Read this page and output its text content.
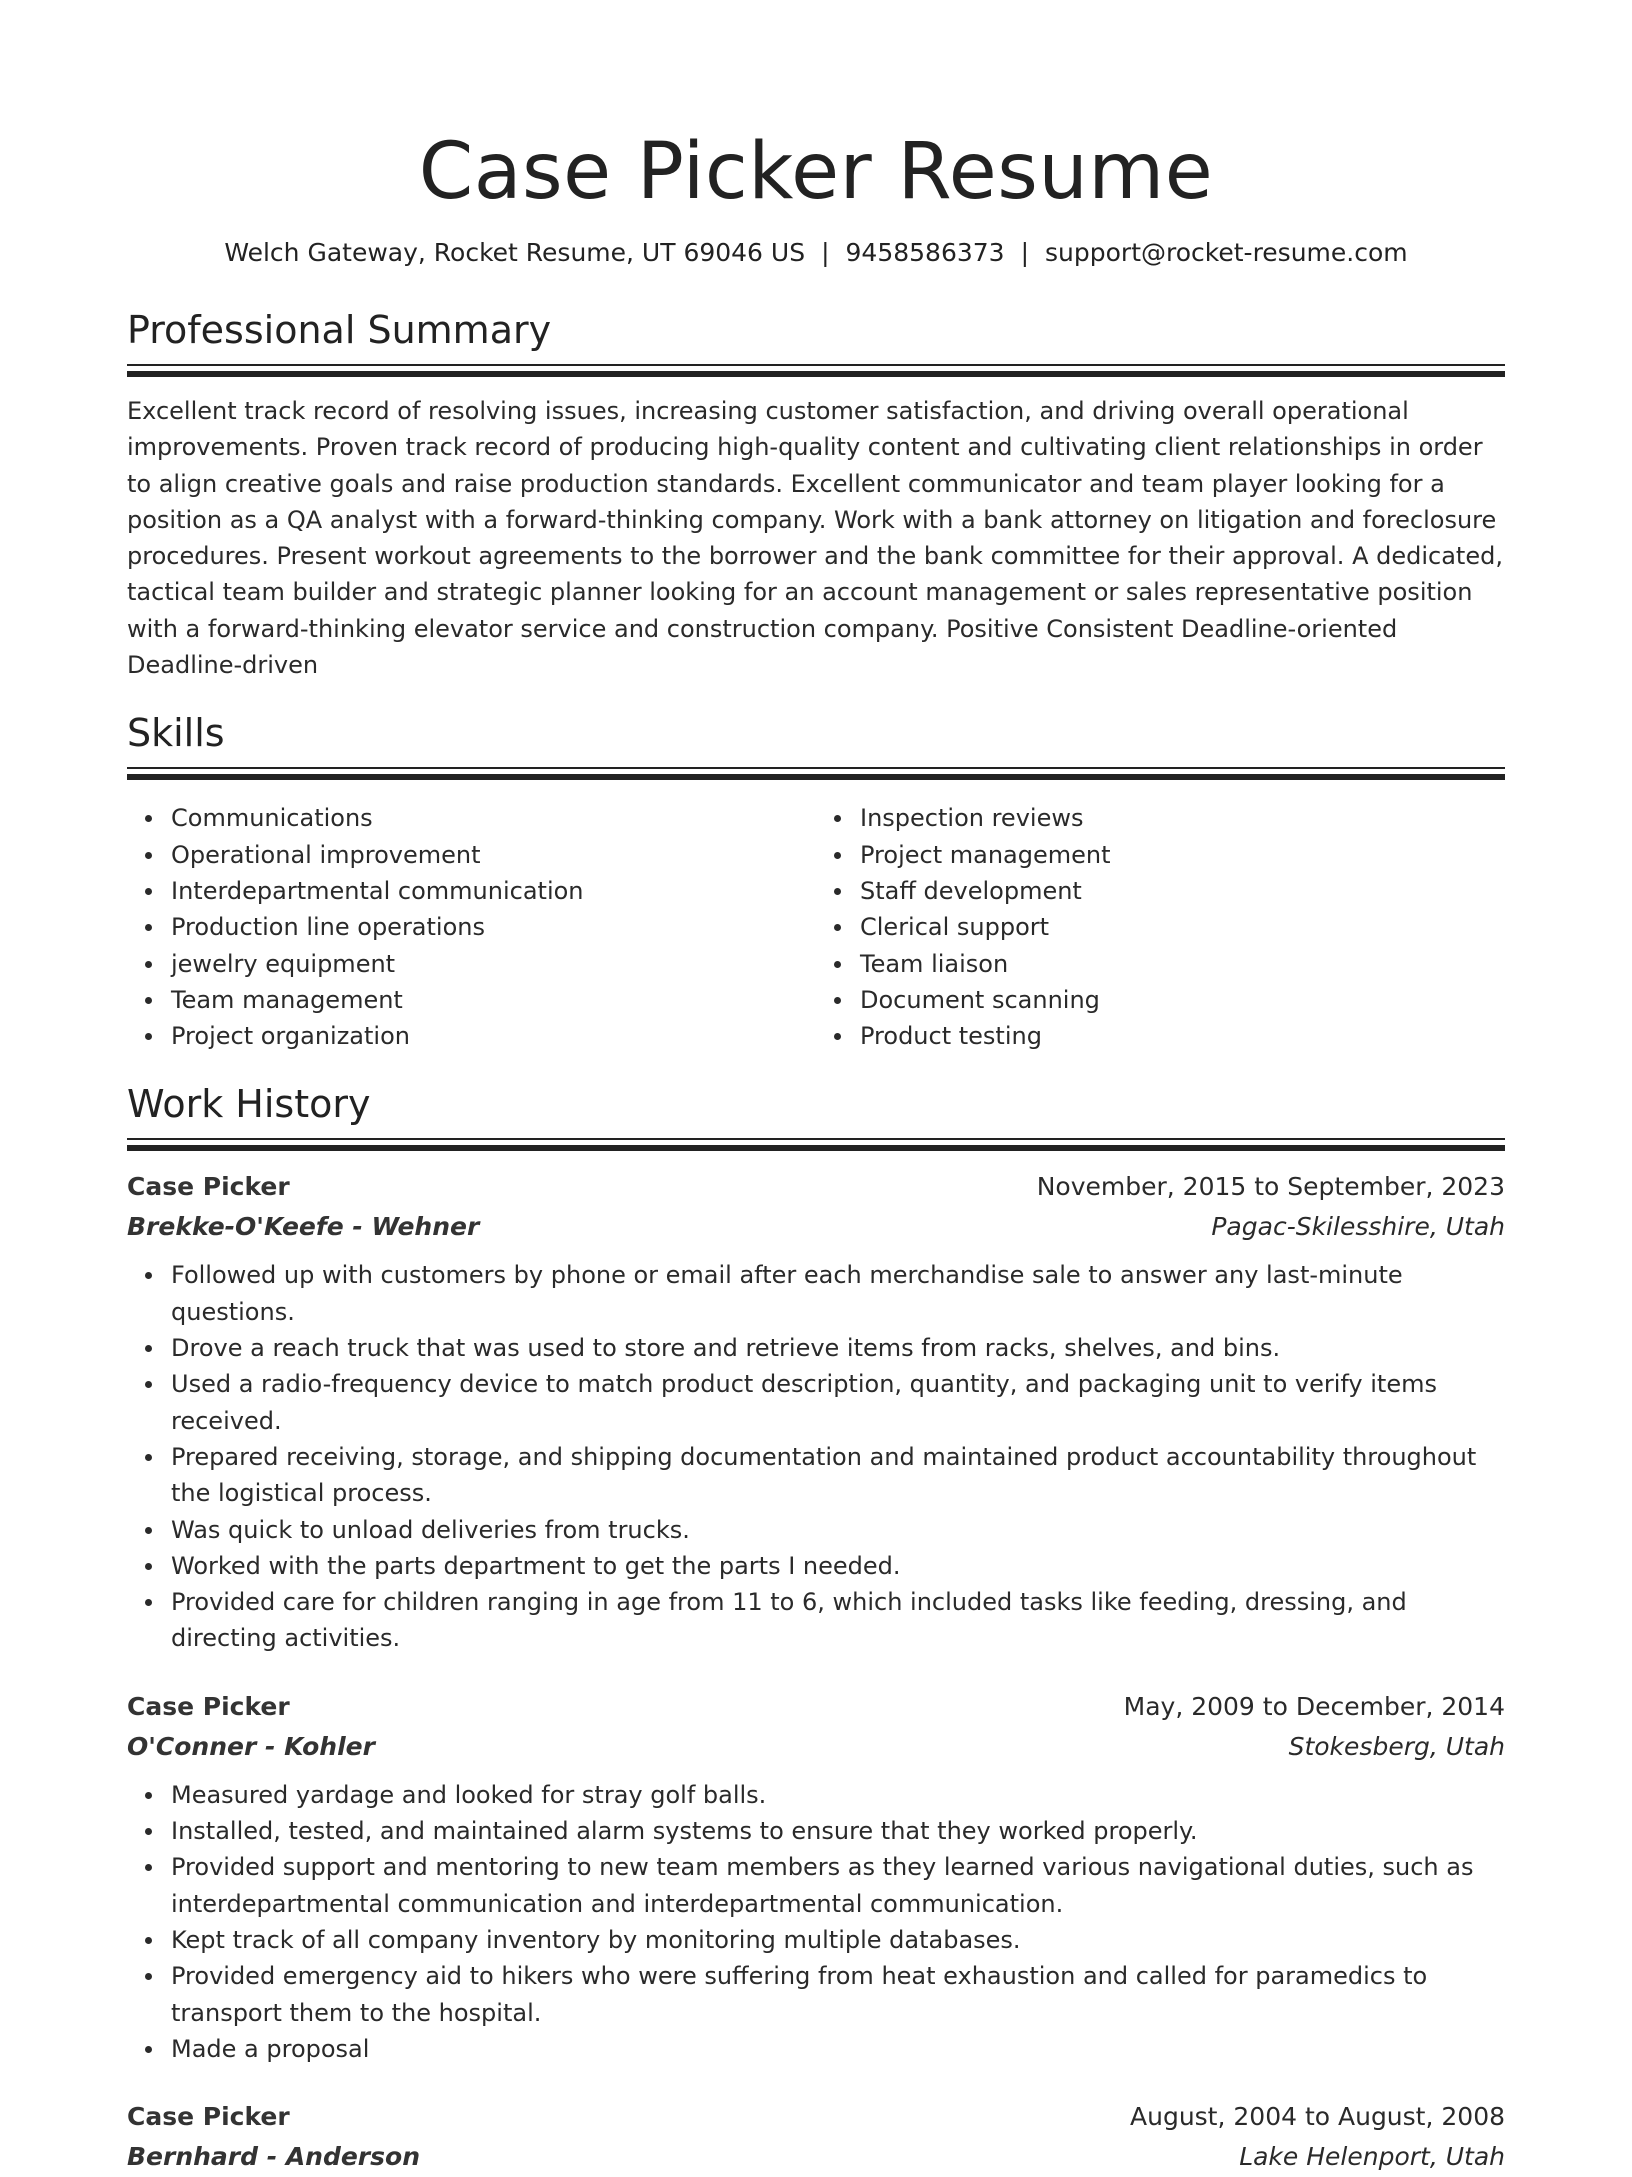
Case Picker Resume
Welch Gateway, Rocket Resume, UT 69046 US | 9458586373 | support@rocket-resume.com
Professional Summary

Excellent track record of resolving issues, increasing customer satisfaction, and driving overall operational improvements. Proven track record of producing high-quality content and cultivating client relationships in order to align creative goals and raise production standards. Excellent communicator and team player looking for a position as a QA analyst with a forward-thinking company. Work with a bank attorney on litigation and foreclosure procedures. Present workout agreements to the borrower and the bank committee for their approval. A dedicated, tactical team builder and strategic planner looking for an account management or sales representative position with a forward-thinking elevator service and construction company. Positive Consistent Deadline-oriented Deadline-driven

Skills
Communications
Operational improvement
Interdepartmental communication
Production line operations
jewelry equipment
Team management
Project organization
Inspection reviews
Project management
Staff development
Clerical support
Team liaison
Document scanning
Product testing
Work History
Case Picker	November, 2015 to September, 2023
Brekke-O'Keefe - Wehner	Pagac-Skilesshire, Utah
Followed up with customers by phone or email after each merchandise sale to answer any last-minute questions.
Drove a reach truck that was used to store and retrieve items from racks, shelves, and bins.
Used a radio-frequency device to match product description, quantity, and packaging unit to verify items received.
Prepared receiving, storage, and shipping documentation and maintained product accountability throughout the logistical process.
Was quick to unload deliveries from trucks.
Worked with the parts department to get the parts I needed.
Provided care for children ranging in age from 11 to 6, which included tasks like feeding, dressing, and directing activities.
Case Picker	May, 2009 to December, 2014
O'Conner - Kohler	Stokesberg, Utah
Measured yardage and looked for stray golf balls.
Installed, tested, and maintained alarm systems to ensure that they worked properly.
Provided support and mentoring to new team members as they learned various navigational duties, such as interdepartmental communication and interdepartmental communication.
Kept track of all company inventory by monitoring multiple databases.
Provided emergency aid to hikers who were suffering from heat exhaustion and called for paramedics to transport them to the hospital.
Made a proposal
Case Picker	August, 2004 to August, 2008
Bernhard - Anderson	Lake Helenport, Utah
